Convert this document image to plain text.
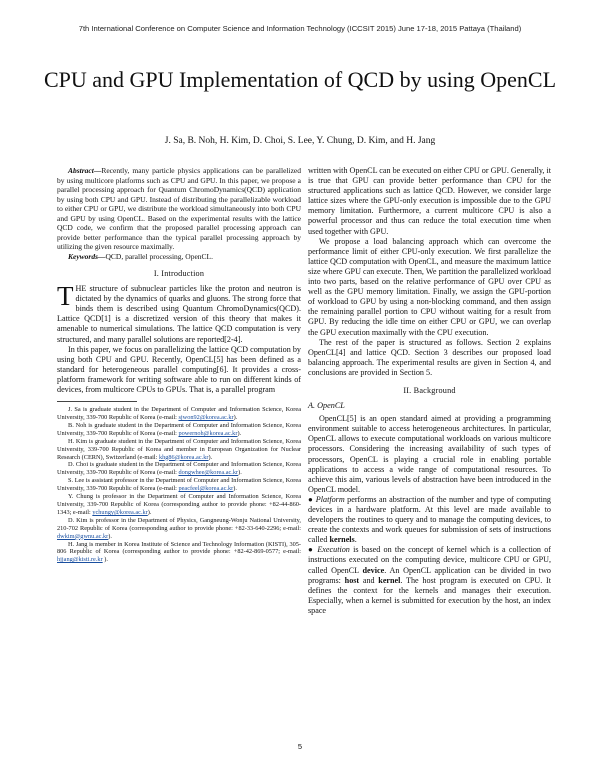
7th International Conference on Computer Science and Information Technology (ICCSIT 2015) June 17-18, 2015 Pattaya (Thailand)
CPU and GPU Implementation of QCD by using OpenCL
J. Sa, B. Noh, H. Kim, D. Choi, S. Lee, Y. Chung, D. Kim, and H. Jang

Abstract—Recently, many particle physics applications can be parallelized by using multicore platforms such as CPU and GPU. In this paper, we propose a parallel processing approach for Quantum ChromoDynamics(QCD) application by using both CPU and GPU. Instead of distributing the parallelizable workload to either CPU or GPU, we distribute the workload simultaneously into both CPU and GPU by using OpenCL. Based on the experimental results with the lattice QCD code, we confirm that the proposed parallel processing approach can provide better performance than the typical parallel processing approach by utilizing the given resource maximally.

Keywords—QCD, parallel processing, OpenCL.

I. Introduction

THE structure of subnuclear particles like the proton and neutron is dictated by the dynamics of quarks and gluons. The strong force that binds them is described using Quantum ChromoDynamics(QCD). Lattice QCD[1] is a discretized version of this theory that makes it amenable to numerical simulations. The lattice QCD computation is very structured, and many parallel solutions are reported[2-4].

In this paper, we focus on parallelizing the lattice QCD computation by using both CPU and GPU. Recently, OpenCL[5] has been defined as a standard for heterogeneous parallel computing[6]. It provides a cross-platform framework for writing software able to run on different kinds of devices, from multicore CPUs to GPUs. That is, a parallel program

J. Sa is graduate student in the Department of Computer and Information Science, Korea University, 339-700 Republic of Korea (e-mail: sjwon92@korea.ac.kr).

B. Noh is graduate student in the Department of Computer and Information Science, Korea University, 339-700 Republic of Korea (e-mail: powernoh@korea.ac.kr).

H. Kim is graduate student in the Department of Computer and Information Science, Korea University, 339-700 Republic of Korea and member in European Organization for Nuclear Research (CERN), Switzerland (e-mail: khg86@korea.ac.kr).

D. Choi is graduate student in the Department of Computer and Information Science, Korea University, 339-700 Republic of Korea (e-mail: dongwhee@korea.ac.kr).

S. Lee is assistant professor in the Department of Computer and Information Science, Korea University, 339-700 Republic of Korea (e-mail: peacfeel@korea.ac.kr).

Y. Chung is professor in the Department of Computer and Information Science, Korea University, 339-700 Republic of Korea (corresponding author to provide phone: +82-44-860-1343; e-mail: ychungy@korea.ac.kr).

D. Kim is professor in the Department of Physics, Gangneung-Wonju National University, 210-702 Republic of Korea (corresponding author to provide phone: +82-33-640-2296; e-mail: dwkim@gwnu.ac.kr).

H. Jang is member in Korea Institute of Science and Technology Information (KISTI), 305-806 Republic of Korea (corresponding author to provide phone: +82-42-869-0577; e-mail: hjjang@kisti.re.kr ).

written with OpenCL can be executed on either CPU or GPU. Generally, it is true that GPU can provide better performance than CPU for the structured applications such as lattice QCD. However, we consider large lattice sizes where the GPU-only execution is impossible due to the GPU memory limitation. Furthermore, a current multicore CPU is also a powerful processor and thus can reduce the total execution time when used together with GPU.

We propose a load balancing approach which can overcome the performance limit of either CPU-only execution. We first parallelize the lattice QCD computation with OpenCL, and measure the maximum lattice size where GPU can execute. Then, We partition the parallelized workload into two parts, based on the relative performance of GPU over CPU as well as the GPU memory limitation. Finally, we assign the GPU-portion of workload to GPU by using a non-blocking command, and then assign the remaining parallel portion to CPU without waiting for a result from GPU. By reducing the idle time on either CPU or GPU, we can overlap the GPU execution maximally with the CPU execution.

The rest of the paper is structured as follows. Section 2 explains OpenCL[4] and lattice QCD. Section 3 describes our proposed load balancing approach. The experimental results are given in Section 4, and conclusions are provided in Section 5.

II. Background
A. OpenCL

OpenCL[5] is an open standard aimed at providing a programming environment suitable to access heterogeneous architectures. In particular, OpenCL allows to execute computational workloads on various multicore processors. Considering the increasing availability of such types of processors, OpenCL is playing a crucial role in enabling portable applications to access a wide range of computational resources. To achieve this aim, various levels of abstraction have been introduced in the OpenCL model.

● Platform performs an abstraction of the number and type of computing devices in a hardware platform. At this level are made available to developers the routines to query and to manage the computing devices, to create the contexts and work queues for submission of sets of instructions called kernels.

● Execution is based on the concept of kernel which is a collection of instructions executed on the computing device, multicore CPU or GPU, called OpenCL device. An OpenCL application can be divided in two programs: host and kernel. The host program is executed on CPU. It defines the context for the kernels and manages their execution. Especially, when a kernel is submitted for execution by the host, an index space

5
